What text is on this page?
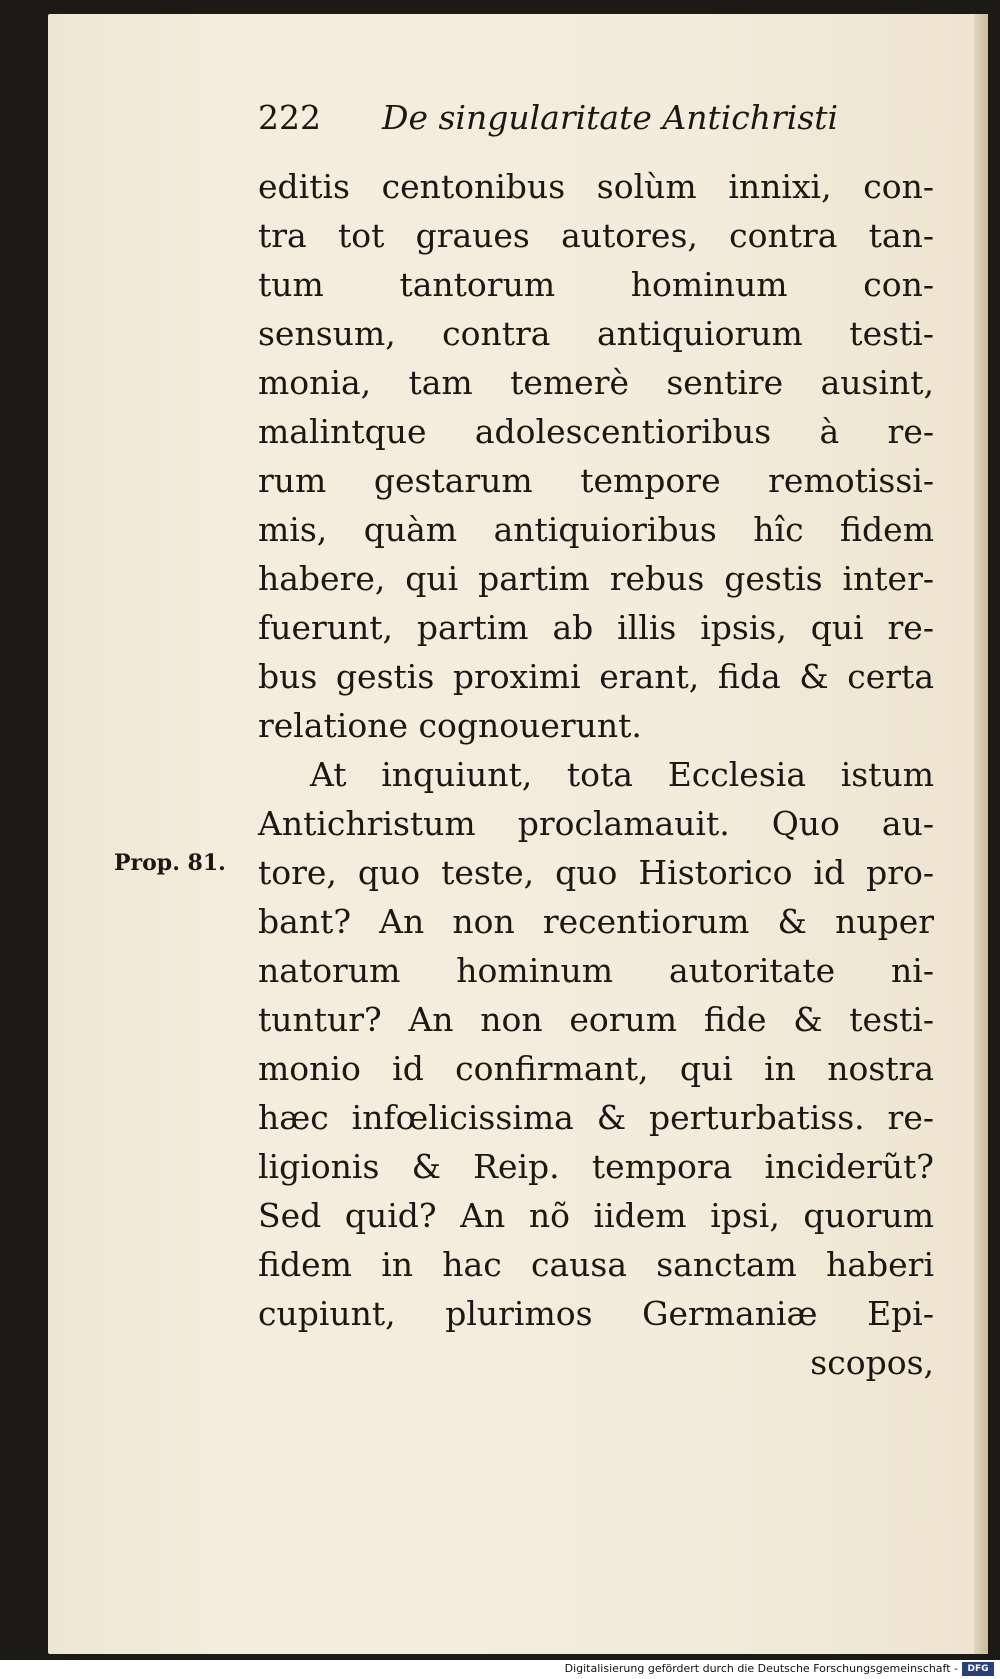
222 De singularitate Antichristi
Prop. 81.
editis centonibus solùm innixi, con-
tra tot graues autores, contra tan-
tum tantorum hominum con-
sensum, contra antiquiorum testi-
monia, tam temerè sentire ausint,
malintque adolescentioribus à re-
rum gestarum tempore remotissi-
mis, quàm antiquioribus hîc fidem
habere, qui partim rebus gestis inter-
fuerunt, partim ab illis ipsis, qui re-
bus gestis proximi erant, fida & certa
relatione cognouerunt.
At inquiunt, tota Ecclesia istum
Antichristum proclamauit. Quo au-
tore, quo teste, quo Historico id pro-
bant? An non recentiorum & nuper
natorum hominum autoritate ni-
tuntur? An non eorum fide & testi-
monio id confirmant, qui in nostra
hæc infœlicissima & perturbatiss. re-
ligionis & Reip. tempora inciderũt?
Sed quid? An nõ iidem ipsi, quorum
fidem in hac causa sanctam haberi
cupiunt, plurimos Germaniæ Epi-
scopos,
Digitalisierung gefördert durch die Deutsche Forschungsgemeinschaft -	DFG
